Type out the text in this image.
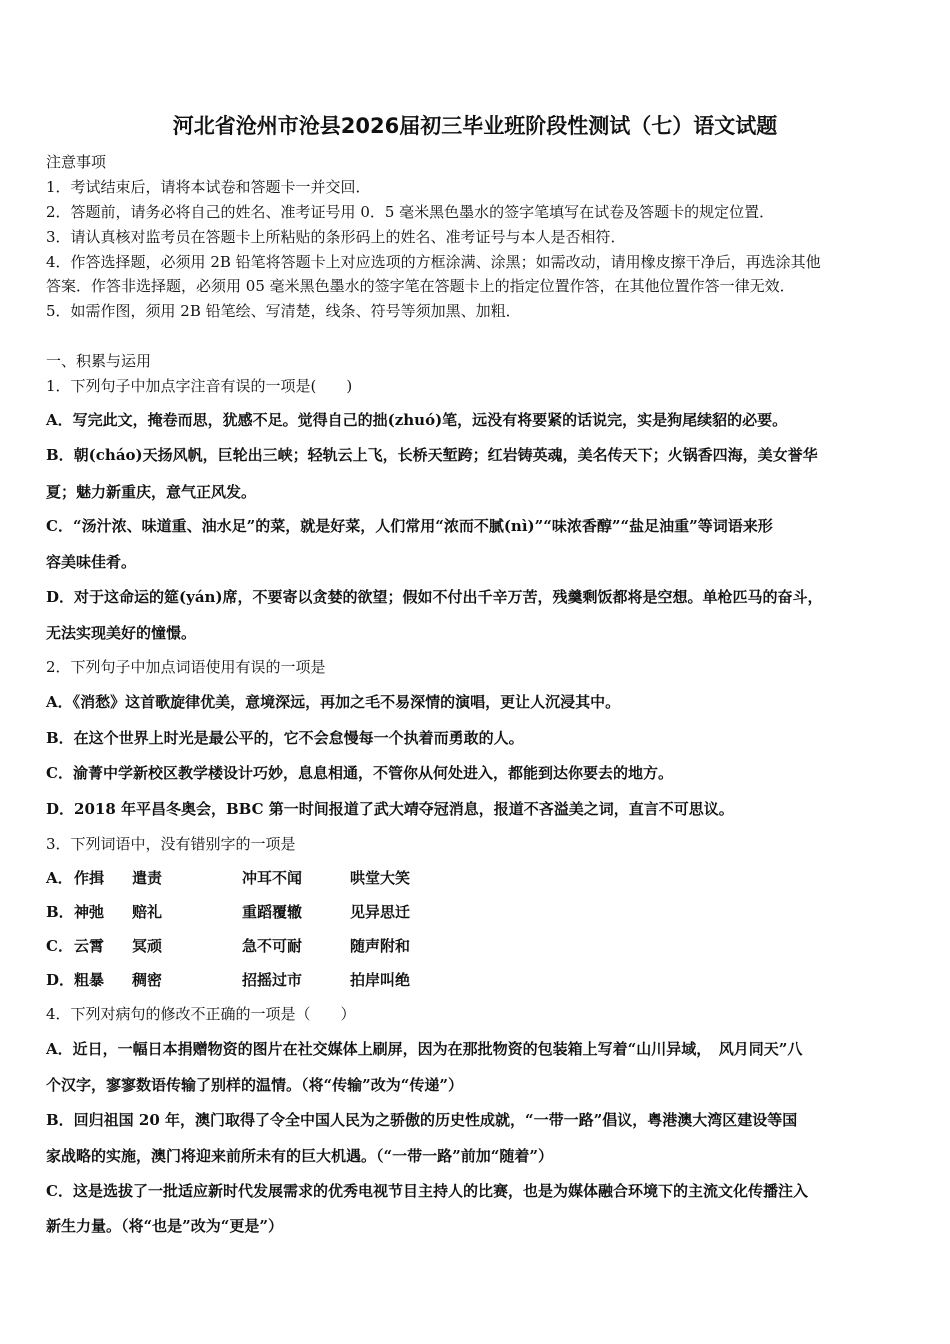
河北省沧州市沧县2026届初三毕业班阶段性测试（七）语文试题
注意事项
1．考试结束后，请将本试卷和答题卡一并交回．
2．答题前，请务必将自己的姓名、准考证号用 0．5 毫米黑色墨水的签字笔填写在试卷及答题卡的规定位置．
3．请认真核对监考员在答题卡上所粘贴的条形码上的姓名、准考证号与本人是否相符．
4．作答选择题，必须用 2B 铅笔将答题卡上对应选项的方框涂满、涂黑；如需改动，请用橡皮擦干净后，再选涂其他
答案．作答非选择题，必须用 05 毫米黑色墨水的签字笔在答题卡上的指定位置作答，在其他位置作答一律无效．
5．如需作图，须用 2B 铅笔绘、写清楚，线条、符号等须加黑、加粗．
一、积累与运用
1．下列句子中加点字注音有误的一项是(　　)
A．写完此文，掩卷而思，犹感不足。觉得自己的拙(zhuó)笔，远没有将要紧的话说完，实是狗尾续貂的必要。
B．朝(cháo)天扬风帆，巨轮出三峡；轻轨云上飞，长桥天堑跨；红岩铸英魂，美名传天下；火锅香四海，美女誉华
夏；魅力新重庆，意气正风发。
C．“汤汁浓、味道重、油水足”的菜，就是好菜，人们常用“浓而不腻(nì)”“味浓香醇”“盐足油重”等词语来形
容美味佳肴。
D．对于这命运的筵(yán)席，不要寄以贪婪的欲望；假如不付出千辛万苦，残羹剩饭都将是空想。单枪匹马的奋斗，
无法实现美好的憧憬。
2．下列句子中加点词语使用有误的一项是
A．《消愁》这首歌旋律优美，意境深远，再加之毛不易深情的演唱，更让人沉浸其中。
B．在这个世界上时光是最公平的，它不会怠慢每一个执着而勇敢的人。
C．渝菁中学新校区教学楼设计巧妙，息息相通，不管你从何处进入，都能到达你要去的地方。
D．2018 年平昌冬奥会，BBC 第一时间报道了武大靖夺冠消息，报道不吝溢美之词，直言不可思议。
3．下列词语中，没有错别字的一项是
A．作揖 遣责	冲耳不闻	哄堂大笑
B．神弛 赔礼	重蹈覆辙	见异思迁
C．云霄 冥顽	急不可耐	随声附和
D．粗暴 稠密	招摇过市	拍岸叫绝
4．下列对病句的修改不正确的一项是（　　）
A．近日，一幅日本捐赠物资的图片在社交媒体上刷屏，因为在那批物资的包装箱上写着“山川异域，　风月同天”八
个汉字，寥寥数语传输了别样的温情。（将“传输”改为“传递”）
B．回归祖国 20 年，澳门取得了令全中国人民为之骄傲的历史性成就，“一带一路”倡议，粤港澳大湾区建设等国
家战略的实施，澳门将迎来前所未有的巨大机遇。（“一带一路”前加“随着”）
C．这是选拔了一批适应新时代发展需求的优秀电视节目主持人的比赛，也是为媒体融合环境下的主流文化传播注入
新生力量。（将“也是”改为“更是”）
